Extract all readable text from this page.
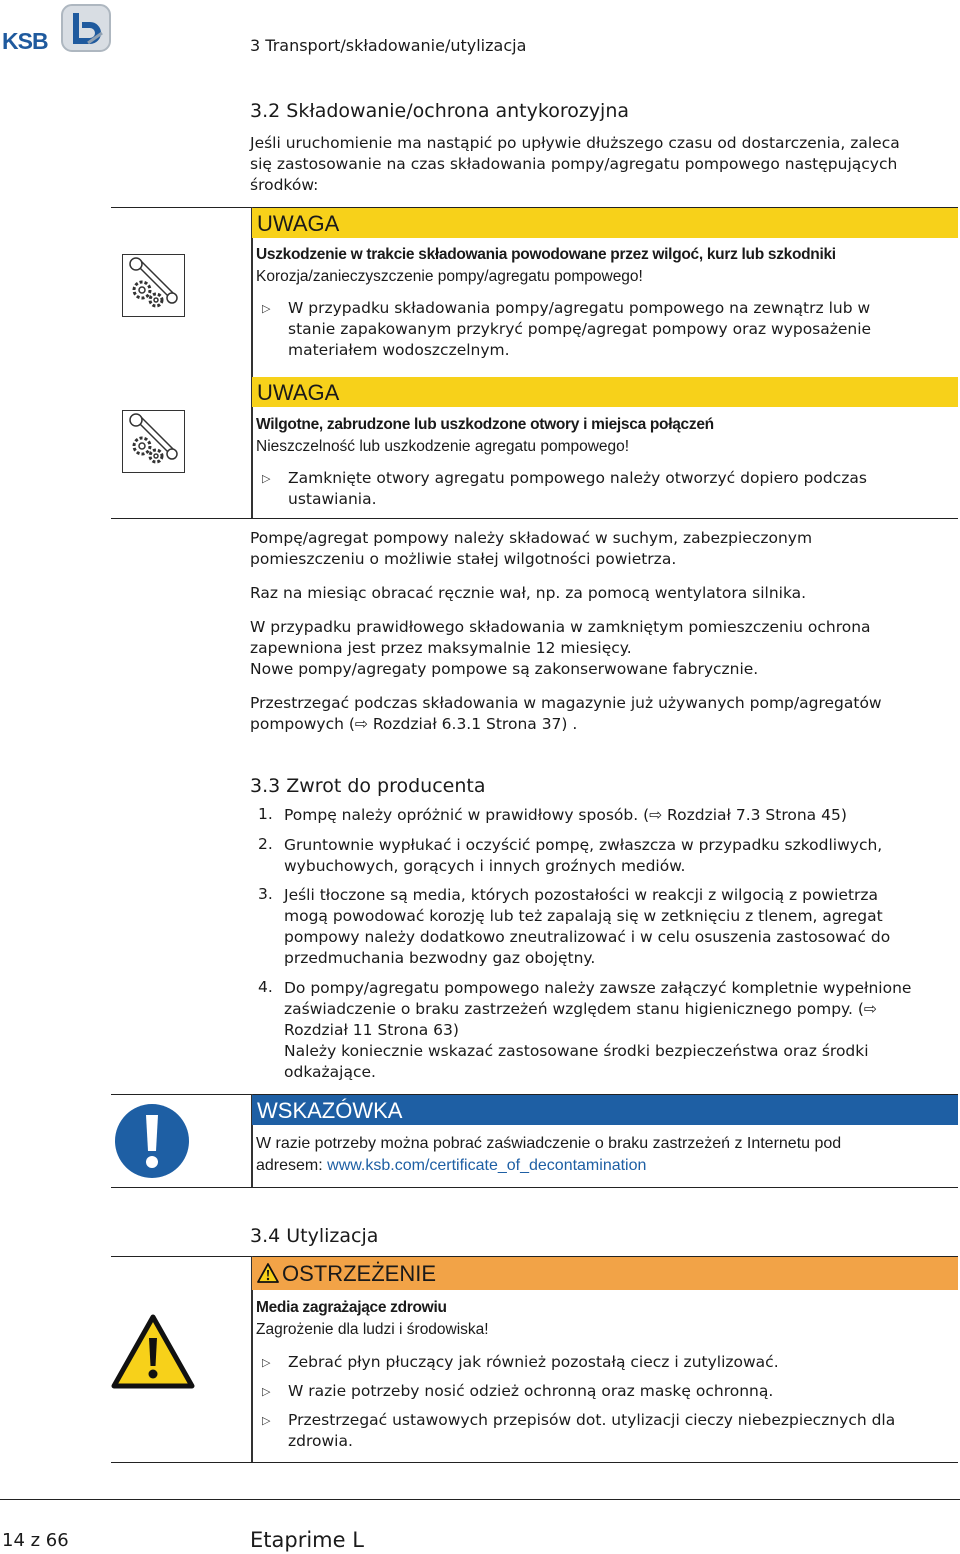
KSB	3 Transport/składowanie/utylizacja
3.2 Składowanie/ochrona antykorozyjna
Jeśli uruchomienie ma nastąpić po upływie dłuższego czasu od dostarczenia, zaleca
się zastosowanie na czas składowania pompy/agregatu pompowego następujących
środków:
UWAGA
Uszkodzenie w trakcie składowania powodowane przez wilgoć, kurz lub szkodniki
Korozja/zanieczyszczenie pompy/agregatu pompowego!
▷ W przypadku składowania pompy/agregatu pompowego na zewnątrz lub w
stanie zapakowanym przykryć pompę/agregat pompowy oraz wyposażenie
materiałem wodoszczelnym.
UWAGA
Wilgotne, zabrudzone lub uszkodzone otwory i miejsca połączeń
Nieszczelność lub uszkodzenie agregatu pompowego!
▷ Zamknięte otwory agregatu pompowego należy otworzyć dopiero podczas
ustawiania.
Pompę/agregat pompowy należy składować w suchym, zabezpieczonym
pomieszczeniu o możliwie stałej wilgotności powietrza.
Raz na miesiąc obracać ręcznie wał, np. za pomocą wentylatora silnika.
W przypadku prawidłowego składowania w zamkniętym pomieszczeniu ochrona
zapewniona jest przez maksymalnie 12 miesięcy.
Nowe pompy/agregaty pompowe są zakonserwowane fabrycznie.
Przestrzegać podczas składowania w magazynie już używanych pomp/agregatów
pompowych (⇨ Rozdział 6.3.1 Strona 37) .
3.3 Zwrot do producenta
1. Pompę należy opróżnić w prawidłowy sposób. (⇨ Rozdział 7.3 Strona 45)
2. Gruntownie wypłukać i oczyścić pompę, zwłaszcza w przypadku szkodliwych,
wybuchowych, gorących i innych groźnych mediów.
3. Jeśli tłoczone są media, których pozostałości w reakcji z wilgocią z powietrza
mogą powodować korozję lub też zapalają się w zetknięciu z tlenem, agregat
pompowy należy dodatkowo zneutralizować i w celu osuszenia zastosować do
przedmuchania bezwodny gaz obojętny.
4. Do pompy/agregatu pompowego należy zawsze załączyć kompletnie wypełnione
zaświadczenie o braku zastrzeżeń względem stanu higienicznego pompy. (⇨
Rozdział 11 Strona 63)
Należy koniecznie wskazać zastosowane środki bezpieczeństwa oraz środki
odkażające.
WSKAZÓWKA
W razie potrzeby można pobrać zaświadczenie o braku zastrzeżeń z Internetu pod
adresem: www.ksb.com/certificate_of_decontamination
3.4 Utylizacja
OSTRZEŻENIE
Media zagrażające zdrowiu
Zagrożenie dla ludzi i środowiska!
▷ Zebrać płyn płuczący jak również pozostałą ciecz i zutylizować.
▷ W razie potrzeby nosić odzież ochronną oraz maskę ochronną.
▷ Przestrzegać ustawowych przepisów dot. utylizacji cieczy niebezpiecznych dla
zdrowia.
14 z 66	Etaprime L
